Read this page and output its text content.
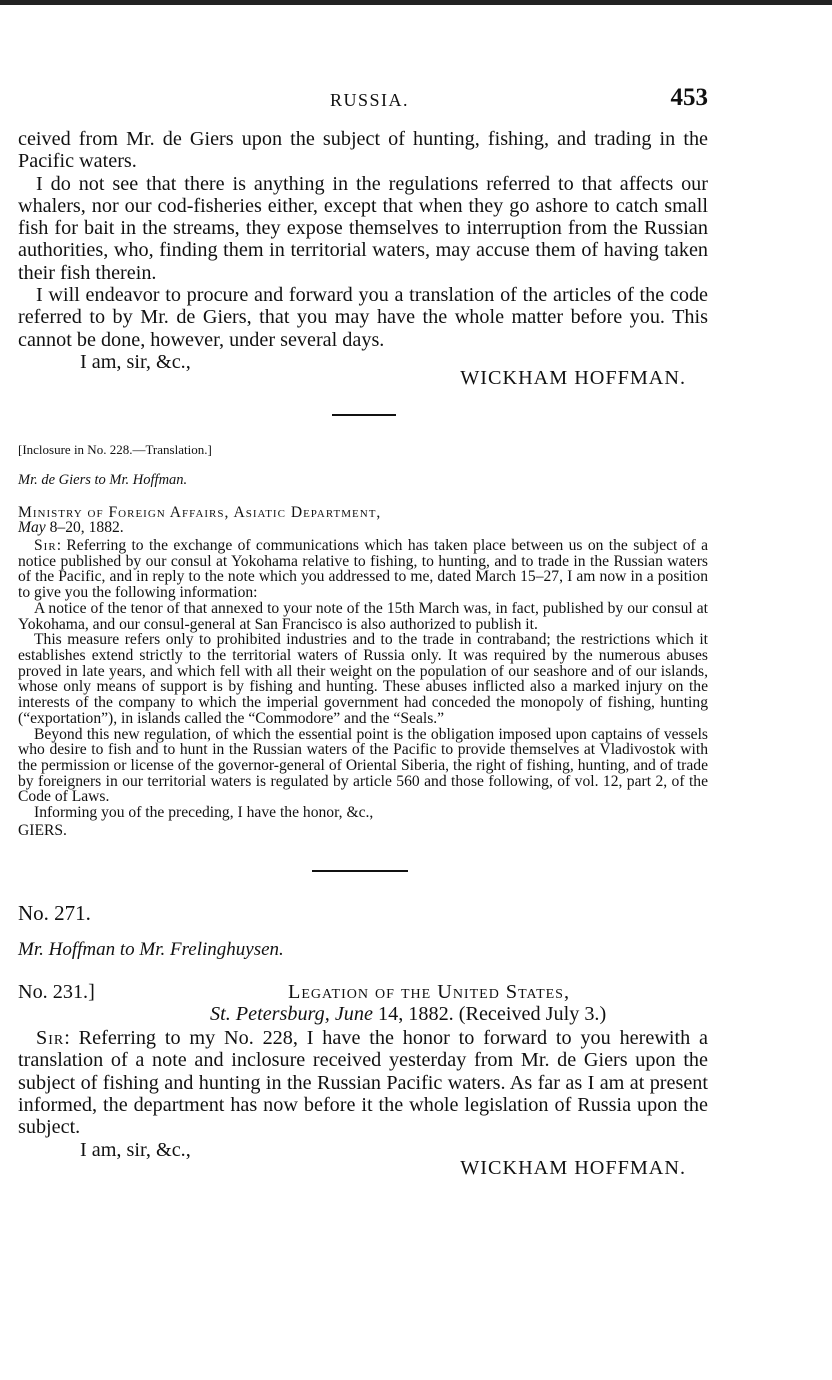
RUSSIA.	453

ceived from Mr. de Giers upon the subject of hunting, fishing, and trading in the Pacific waters.

I do not see that there is anything in the regulations referred to that affects our whalers, nor our cod-fisheries either, except that when they go ashore to catch small fish for bait in the streams, they expose themselves to interruption from the Russian authorities, who, finding them in territorial waters, may accuse them of having taken their fish therein.

I will endeavor to procure and forward you a translation of the articles of the code referred to by Mr. de Giers, that you may have the whole matter before you. This cannot be done, however, under several days.

I am, sir, &c.,

WICKHAM HOFFMAN.

[Inclosure in No. 228.—Translation.]

Mr. de Giers to Mr. Hoffman.

Ministry of Foreign Affairs, Asiatic Department,

May 8–20, 1882.

Sir: Referring to the exchange of communications which has taken place between us on the subject of a notice published by our consul at Yokohama relative to fishing, to hunting, and to trade in the Russian waters of the Pacific, and in reply to the note which you addressed to me, dated March 15–27, I am now in a position to give you the following information:

A notice of the tenor of that annexed to your note of the 15th March was, in fact, published by our consul at Yokohama, and our consul-general at San Francisco is also authorized to publish it.

This measure refers only to prohibited industries and to the trade in contraband; the restrictions which it establishes extend strictly to the territorial waters of Russia only. It was required by the numerous abuses proved in late years, and which fell with all their weight on the population of our seashore and of our islands, whose only means of support is by fishing and hunting. These abuses inflicted also a marked injury on the interests of the company to which the imperial government had conceded the monopoly of fishing, hunting (“exportation”), in islands called the “Commodore” and the “Seals.”

Beyond this new regulation, of which the essential point is the obligation imposed upon captains of vessels who desire to fish and to hunt in the Russian waters of the Pacific to provide themselves at Vladivostok with the permission or license of the governor-general of Oriental Siberia, the right of fishing, hunting, and of trade by foreigners in our territorial waters is regulated by article 560 and those following, of vol. 12, part 2, of the Code of Laws.

Informing you of the preceding, I have the honor, &c.,

GIERS.

No. 271.

Mr. Hoffman to Mr. Frelinghuysen.

No. 231.]	Legation of the United States,
St. Petersburg, June 14, 1882. (Received July 3.)

Sir: Referring to my No. 228, I have the honor to forward to you herewith a translation of a note and inclosure received yesterday from Mr. de Giers upon the subject of fishing and hunting in the Russian Pacific waters. As far as I am at present informed, the department has now before it the whole legislation of Russia upon the subject.

I am, sir, &c.,

WICKHAM HOFFMAN.
